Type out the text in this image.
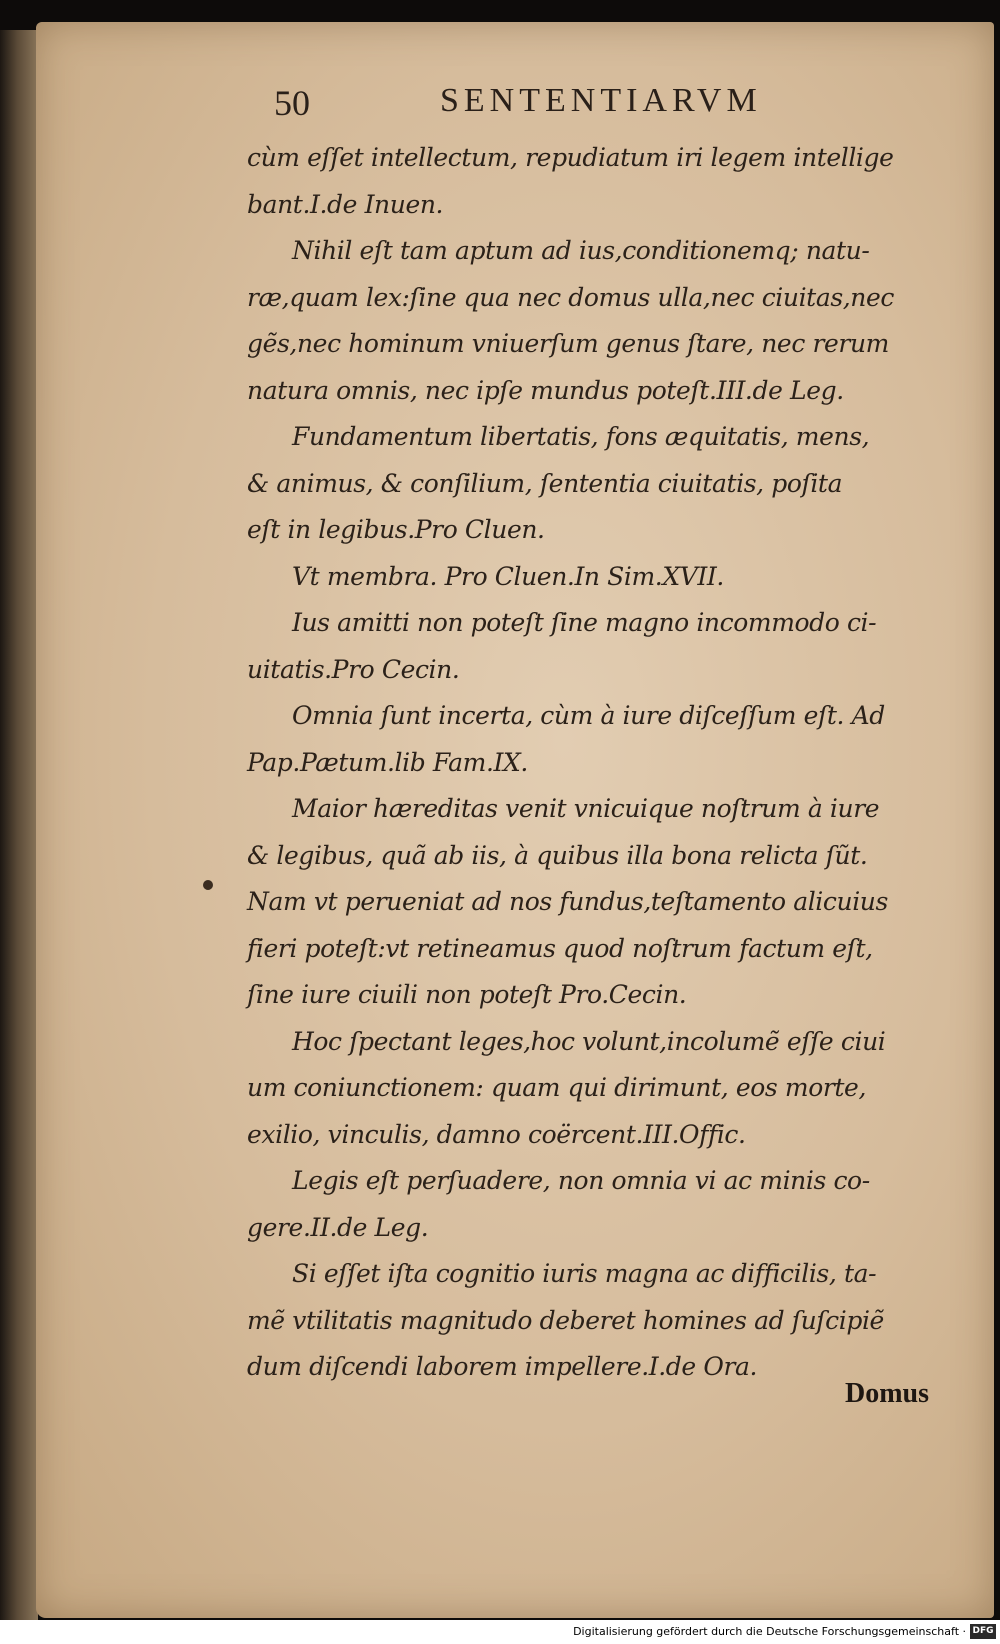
50	SENTENTIARVM
cùm eſſet intellectum, repudiatum iri legem intellige
bant.I.de Inuen.
Nihil eſt tam aptum ad ius,conditionemq; natu-
ræ,quam lex:ſine qua nec domus ulla,nec ciuitas,nec
gẽs,nec hominum vniuerſum genus ſtare, nec rerum
natura omnis, nec ipſe mundus poteſt.III.de Leg.
Fundamentum libertatis, fons æquitatis, mens,
& animus, & conſilium, ſententia ciuitatis, poſita
eſt in legibus.Pro Cluen.
Vt membra. Pro Cluen.In Sim.XVII.
Ius amitti non poteſt ſine magno incommodo ci-
uitatis.Pro Cecin.
Omnia ſunt incerta, cùm à iure diſceſſum eſt. Ad
Pap.Pætum.lib Fam.IX.
Maior hæreditas venit vnicuique noſtrum à iure
& legibus, quã ab iis, à quibus illa bona relicta ſũt.
Nam vt perueniat ad nos fundus,teſtamento alicuius
fieri poteſt:vt retineamus quod noſtrum factum eſt,
ſine iure ciuili non poteſt Pro.Cecin.
Hoc ſpectant leges,hoc volunt,incolumẽ eſſe ciui
um coniunctionem: quam qui dirimunt, eos morte,
exilio, vinculis, damno coërcent.III.Offic.
Legis eſt perſuadere, non omnia vi ac minis co-
gere.II.de Leg.
Si eſſet iſta cognitio iuris magna ac difficilis, ta-
mẽ vtilitatis magnitudo deberet homines ad ſuſcipiẽ
dum diſcendi laborem impellere.I.de Ora.
Domus
Digitalisierung gefördert durch die Deutsche Forschungsgemeinschaft · DFG
